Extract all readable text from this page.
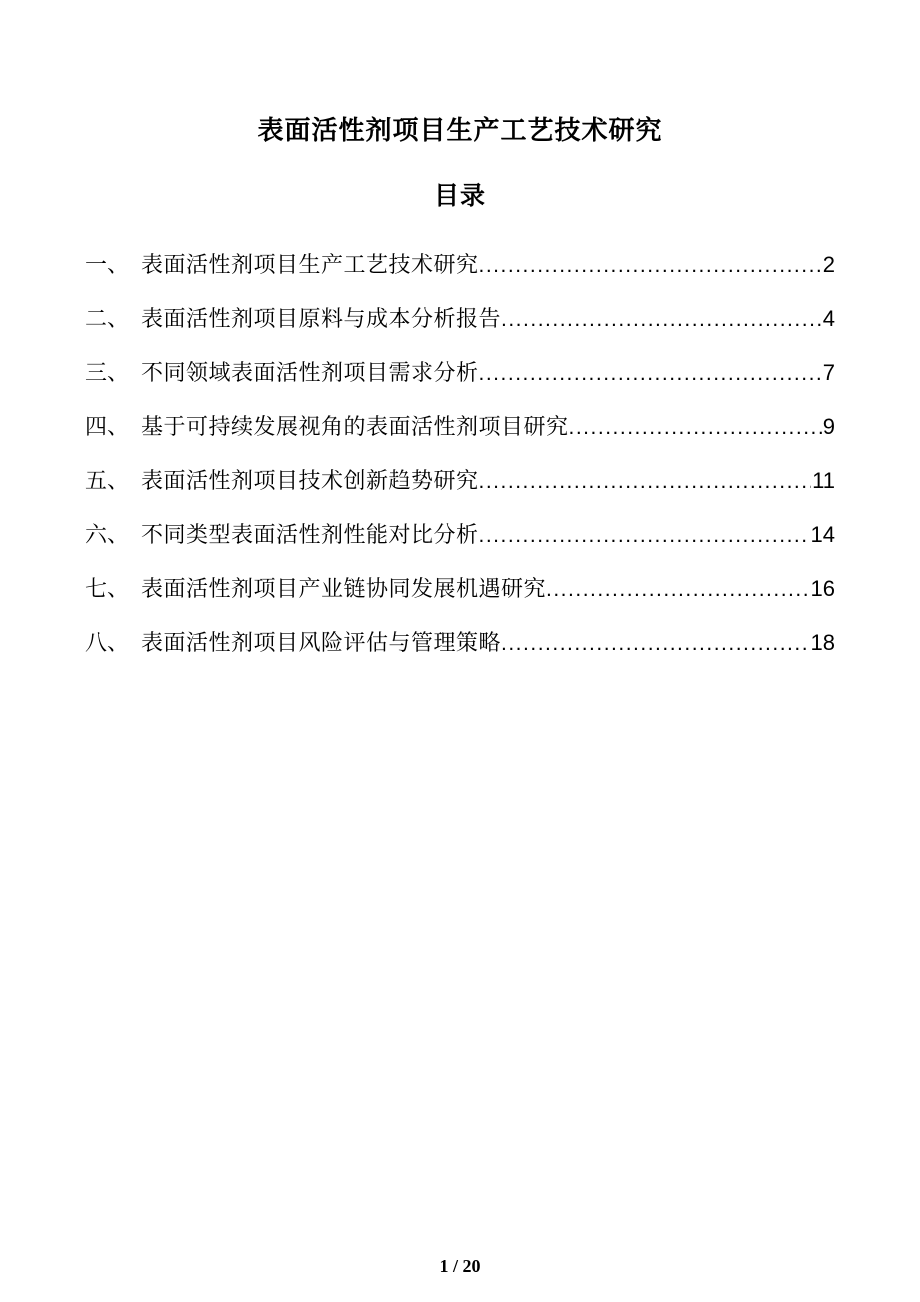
表面活性剂项目生产工艺技术研究
目录
一、 表面活性剂项目生产工艺技术研究 .....	2
二、 表面活性剂项目原料与成本分析报告 .....	4
三、 不同领域表面活性剂项目需求分析 .....	7
四、 基于可持续发展视角的表面活性剂项目研究 .....	9
五、 表面活性剂项目技术创新趋势研究 .....	11
六、 不同类型表面活性剂性能对比分析 .....	14
七、 表面活性剂项目产业链协同发展机遇研究 .....	16
八、 表面活性剂项目风险评估与管理策略 .....	18
1 / 20
